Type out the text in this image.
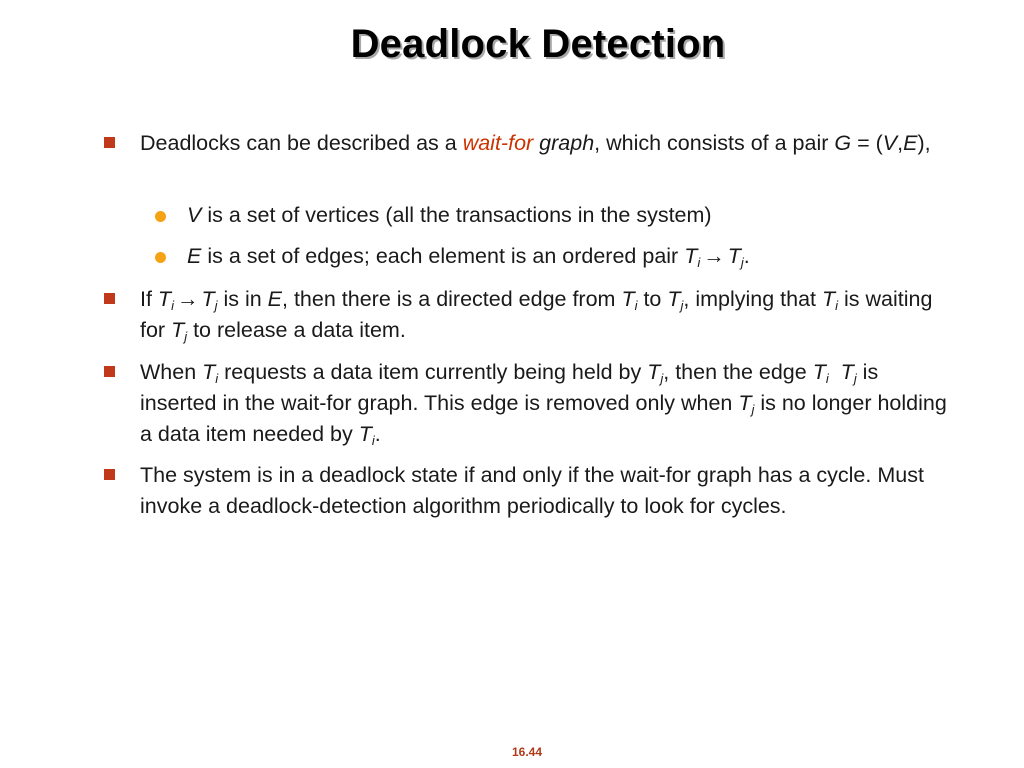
Deadlock Detection
Deadlocks can be described as a wait-for graph, which consists of a pair G = (V,E),
V is a set of vertices (all the transactions in the system)
E is a set of edges; each element is an ordered pair $T_i \to T_j$.
If $T_i \to T_j$ is in E, then there is a directed edge from $T_i$ to $T_j$, implying that $T_i$ is waiting for $T_j$ to release a data item.
When $T_i$ requests a data item currently being held by $T_j$, then the edge $T_i$ $T_j$ is inserted in the wait-for graph. This edge is removed only when $T_j$ is no longer holding a data item needed by $T_i$.
The system is in a deadlock state if and only if the wait-for graph has a cycle. Must invoke a deadlock-detection algorithm periodically to look for cycles.
16.44
